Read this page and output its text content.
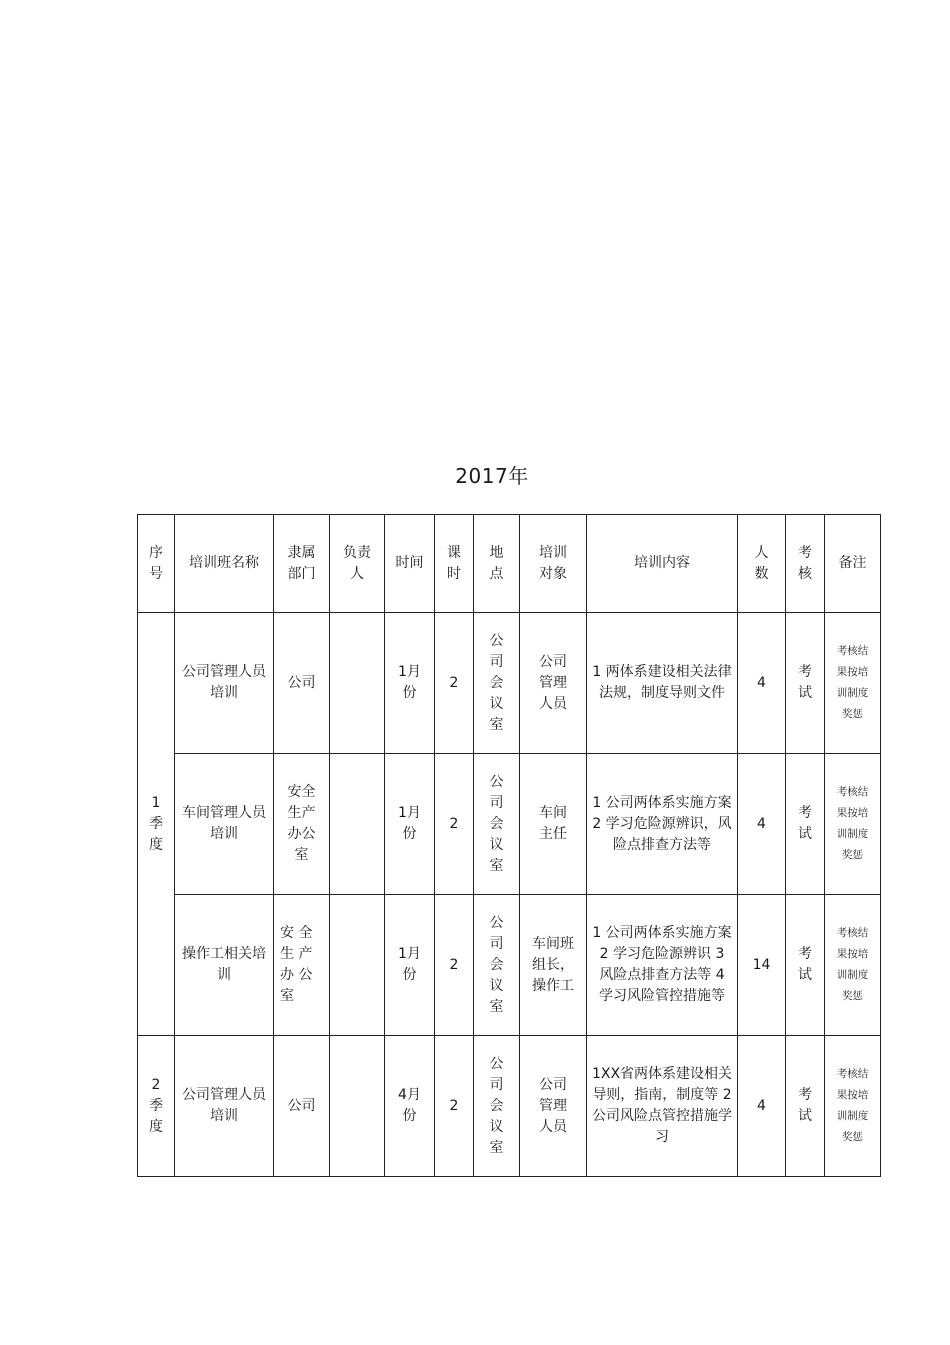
2017年
序号	培训班名称	隶属部门	负责人	时间	课时	地点	培训对象	培训内容	人数	考核	备注

1季度	公司管理人员培训	公司		1月份	2	公司会议室	公司管理人员	1 两体系建设相关法律法规，制度导则文件	4	考试	考核结果按培训制度奖惩
	车间管理人员培训	安全生产办公室		1月份	2	公司会议室	车间主任	1 公司两体系实施方案 2 学习危险源辨识，风险点排查方法等	4	考试	考核结果按培训制度奖惩
	操作工相关培训	安 全 生 产 办 公 室		1月份	2	公司会议室	车间班组长，操作工	1 公司两体系实施方案 2 学习危险源辨识 3 风险点排查方法等 4 学习风险管控措施等	14	考试	考核结果按培训制度奖惩

2季度	公司管理人员培训	公司		4月份	2	公司会议室	公司管理人员	1XX省两体系建设相关导则，指南，制度等 2 公司风险点管控措施学习	4	考试	考核结果按培训制度奖惩
